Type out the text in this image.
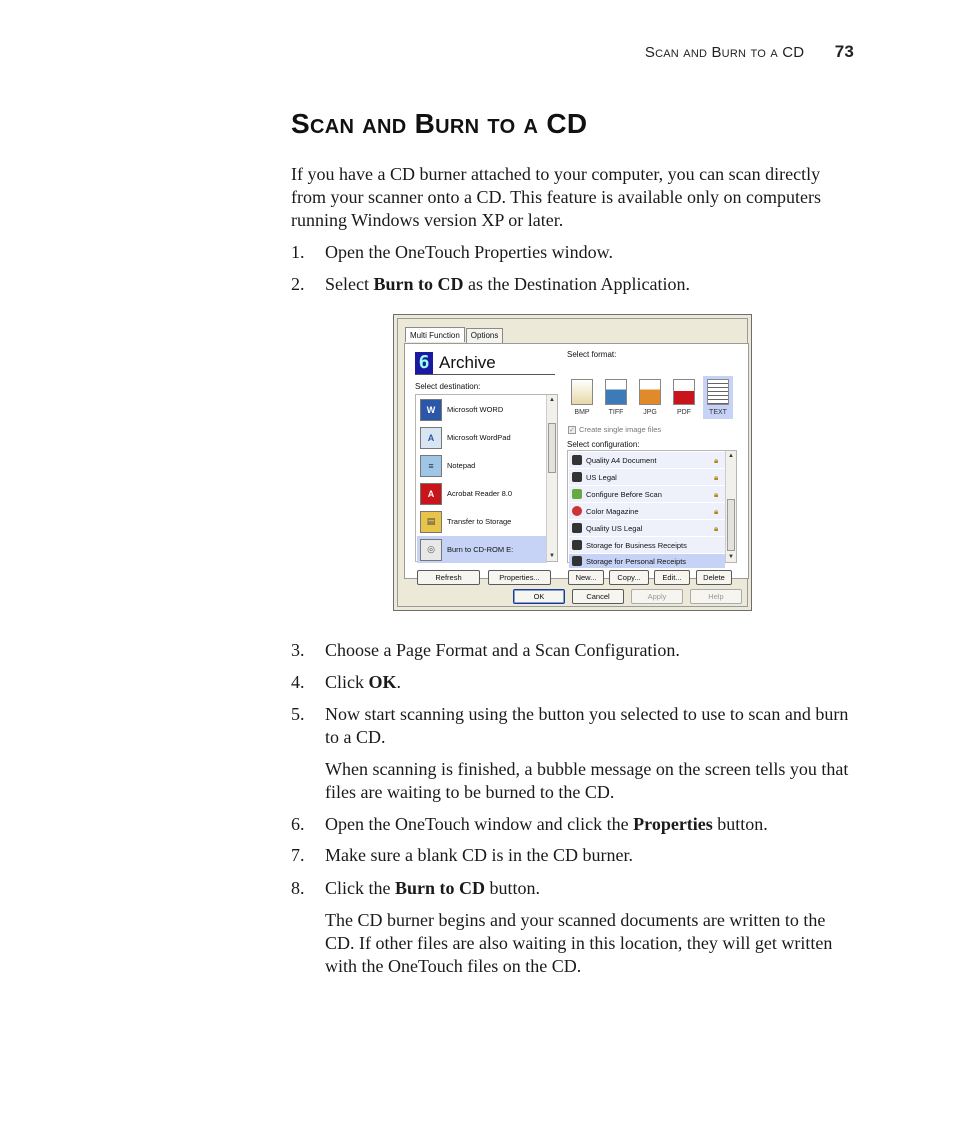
Scan and Burn to a CD 73
Scan and Burn to a CD

If you have a CD burner attached to your computer, you can scan directly from your scanner onto a CD. This feature is available only on computers running Windows version XP or later.

1.	Open the OneTouch Properties window.
2.	Select Burn to CD as the Destination Application.
Multi Function	Options
6 Archive
Select destination:
Select format:
W	Microsoft WORD
A	Microsoft WordPad
≡	Notepad
A	Acrobat Reader 8.0
▤	Transfer to Storage
◎	Burn to CD-ROM E:
▲
▼
BMP	TIFF	JPG	PDF	TEXT
✓ Create single image files
Select configuration:
Quality A4 Document	🔒︎
US Legal	🔒︎
Configure Before Scan	🔒︎
Color Magazine	🔒︎
Quality US Legal	🔒︎
Storage for Business Receipts
Storage for Personal Receipts
▲
▼
Refresh	Properties...	New...	Copy...	Edit...	Delete
OK	Cancel	Apply	Help
3.	Choose a Page Format and a Scan Configuration.
4.	Click OK.
5.	Now start scanning using the button you selected to use to scan and burn to a CD.

When scanning is finished, a bubble message on the screen tells you that files are waiting to be burned to the CD.

6.	Open the OneTouch window and click the Properties button.
7.	Make sure a blank CD is in the CD burner.
8.	Click the Burn to CD button.

The CD burner begins and your scanned documents are written to the CD. If other files are also waiting in this location, they will get written with the OneTouch files on the CD.
